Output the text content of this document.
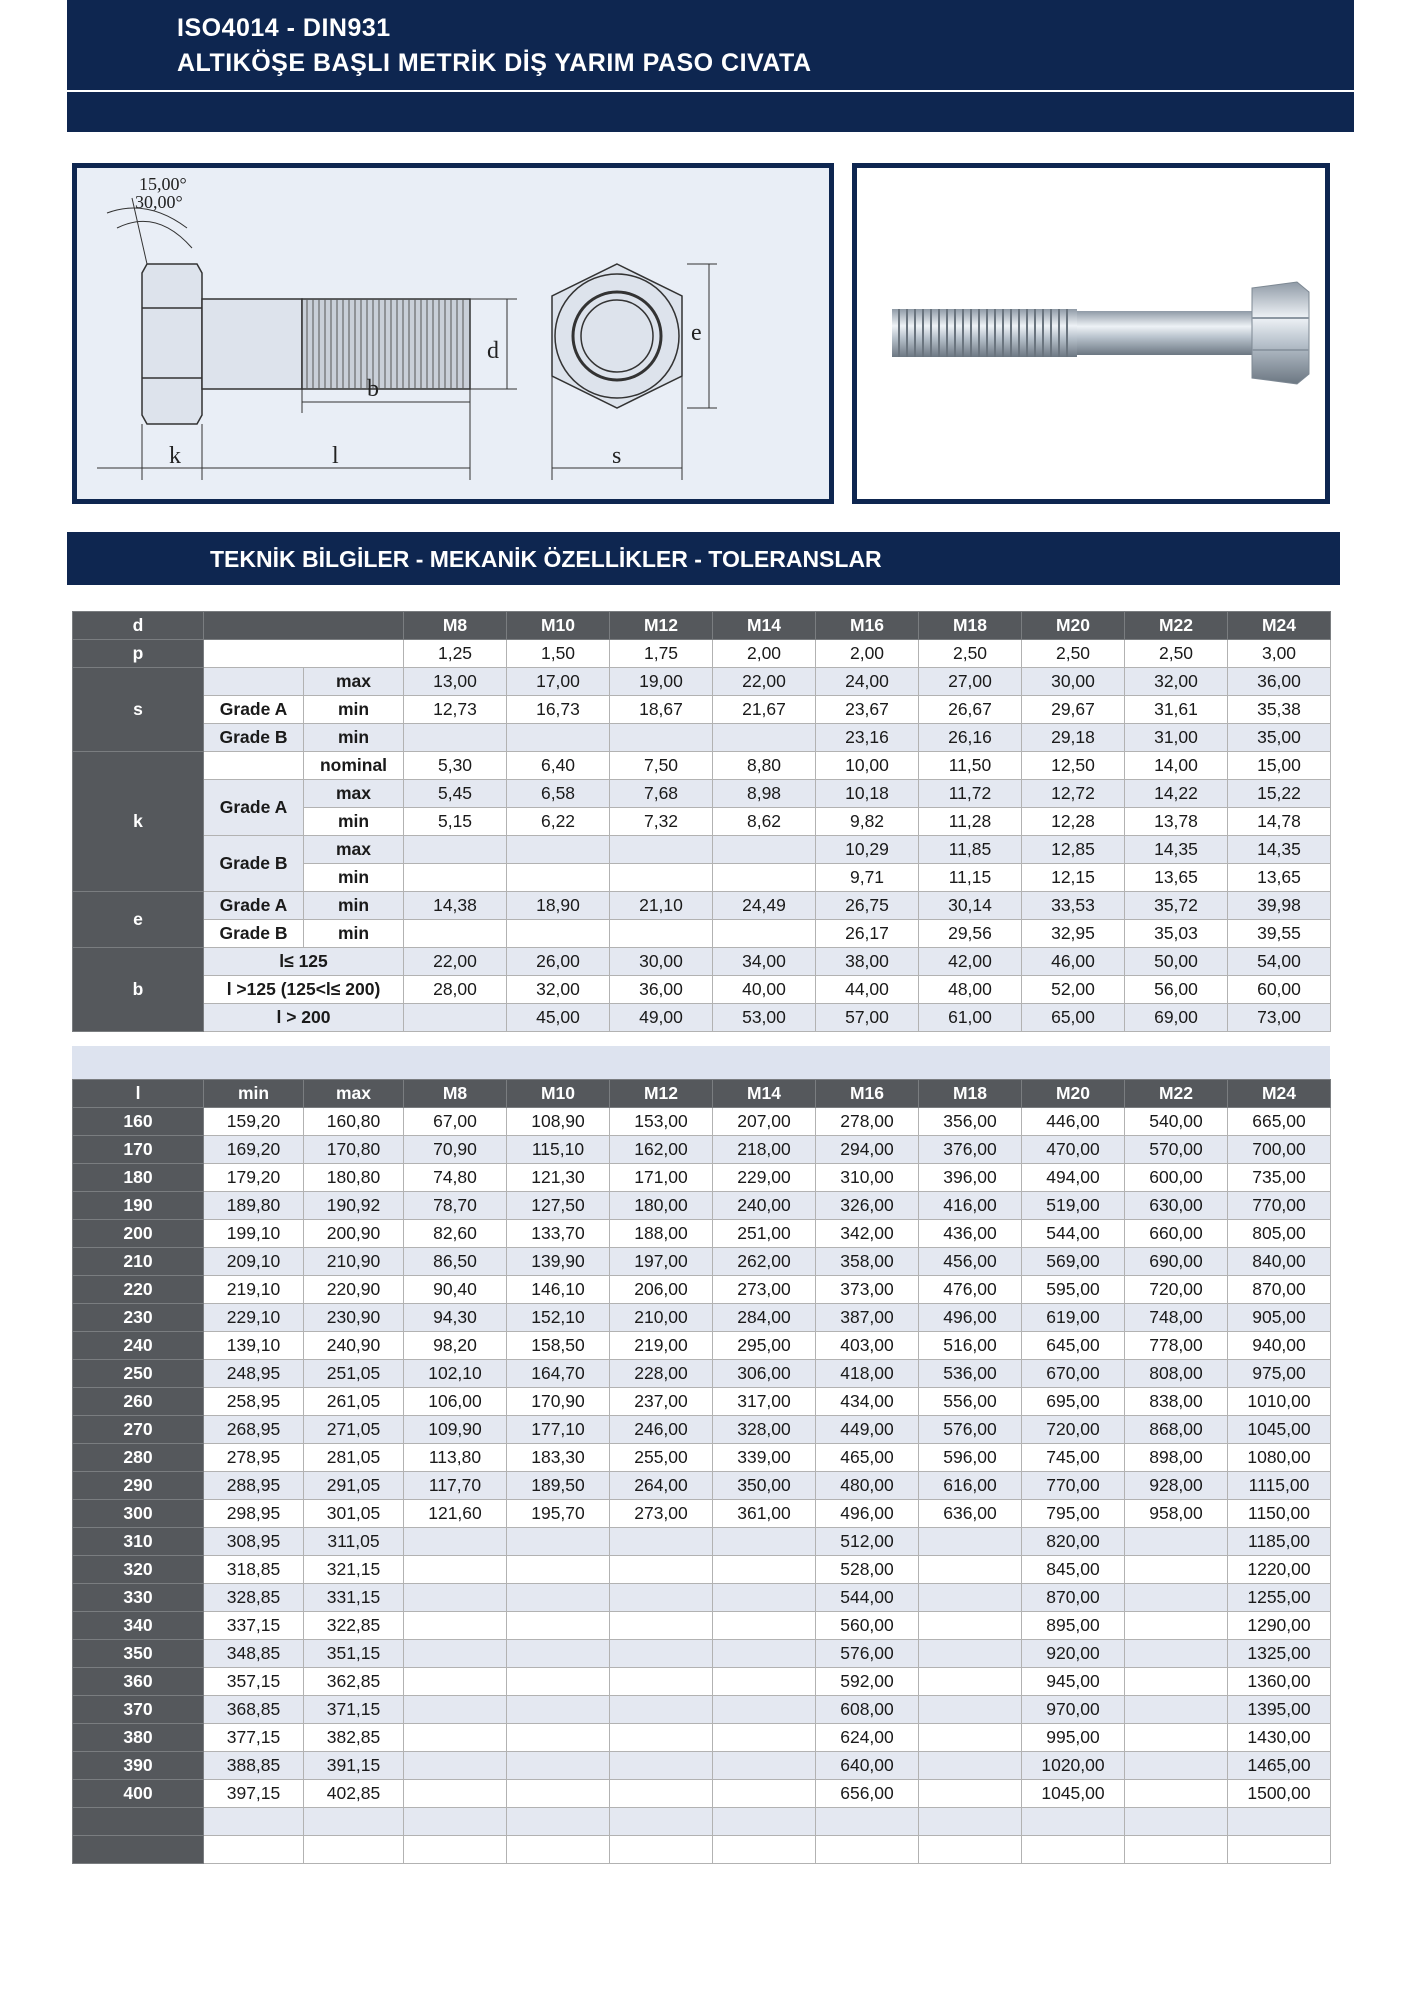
ISO4014 - DIN931
ALTIKÖŞE BAŞLI METRİK DİŞ YARIM PASO CIVATA
15,00°
30,00°
d
b
k	l
e
s
TEKNİK BİLGİLER - MEKANİK ÖZELLİKLER - TOLERANSLAR
d			M8	M10	M12	M14	M16	M18	M20	M22	M24
p			1,25	1,50	1,75	2,00	2,00	2,50	2,50	2,50	3,00
s		max	13,00	17,00	19,00	22,00	24,00	27,00	30,00	32,00	36,00
	Grade A	min	12,73	16,73	18,67	21,67	23,67	26,67	29,67	31,61	35,38
	Grade B	min					23,16	26,16	29,18	31,00	35,00
k		nominal	5,30	6,40	7,50	8,80	10,00	11,50	12,50	14,00	15,00
	Grade A	max	5,45	6,58	7,68	8,98	10,18	11,72	12,72	14,22	15,22
		min	5,15	6,22	7,32	8,62	9,82	11,28	12,28	13,78	14,78
	Grade B	max					10,29	11,85	12,85	14,35	14,35
		min					9,71	11,15	12,15	13,65	13,65
e	Grade A	min	14,38	18,90	21,10	24,49	26,75	30,14	33,53	35,72	39,98
	Grade B	min					26,17	29,56	32,95	35,03	39,55
b	l≤ 125		22,00	26,00	30,00	34,00	38,00	42,00	46,00	50,00	54,00
	l >125 (125<l≤ 200)		28,00	32,00	36,00	40,00	44,00	48,00	52,00	56,00	60,00
	l > 200			45,00	49,00	53,00	57,00	61,00	65,00	69,00	73,00
l	min	max	M8	M10	M12	M14	M16	M18	M20	M22	M24
160	159,20	160,80	67,00	108,90	153,00	207,00	278,00	356,00	446,00	540,00	665,00
170	169,20	170,80	70,90	115,10	162,00	218,00	294,00	376,00	470,00	570,00	700,00
180	179,20	180,80	74,80	121,30	171,00	229,00	310,00	396,00	494,00	600,00	735,00
190	189,80	190,92	78,70	127,50	180,00	240,00	326,00	416,00	519,00	630,00	770,00
200	199,10	200,90	82,60	133,70	188,00	251,00	342,00	436,00	544,00	660,00	805,00
210	209,10	210,90	86,50	139,90	197,00	262,00	358,00	456,00	569,00	690,00	840,00
220	219,10	220,90	90,40	146,10	206,00	273,00	373,00	476,00	595,00	720,00	870,00
230	229,10	230,90	94,30	152,10	210,00	284,00	387,00	496,00	619,00	748,00	905,00
240	139,10	240,90	98,20	158,50	219,00	295,00	403,00	516,00	645,00	778,00	940,00
250	248,95	251,05	102,10	164,70	228,00	306,00	418,00	536,00	670,00	808,00	975,00
260	258,95	261,05	106,00	170,90	237,00	317,00	434,00	556,00	695,00	838,00	1010,00
270	268,95	271,05	109,90	177,10	246,00	328,00	449,00	576,00	720,00	868,00	1045,00
280	278,95	281,05	113,80	183,30	255,00	339,00	465,00	596,00	745,00	898,00	1080,00
290	288,95	291,05	117,70	189,50	264,00	350,00	480,00	616,00	770,00	928,00	1115,00
300	298,95	301,05	121,60	195,70	273,00	361,00	496,00	636,00	795,00	958,00	1150,00
310	308,95	311,05					512,00		820,00		1185,00
320	318,85	321,15					528,00		845,00		1220,00
330	328,85	331,15					544,00		870,00		1255,00
340	337,15	322,85					560,00		895,00		1290,00
350	348,85	351,15					576,00		920,00		1325,00
360	357,15	362,85					592,00		945,00		1360,00
370	368,85	371,15					608,00		970,00		1395,00
380	377,15	382,85					624,00		995,00		1430,00
390	388,85	391,15					640,00		1020,00		1465,00
400	397,15	402,85					656,00		1045,00		1500,00
